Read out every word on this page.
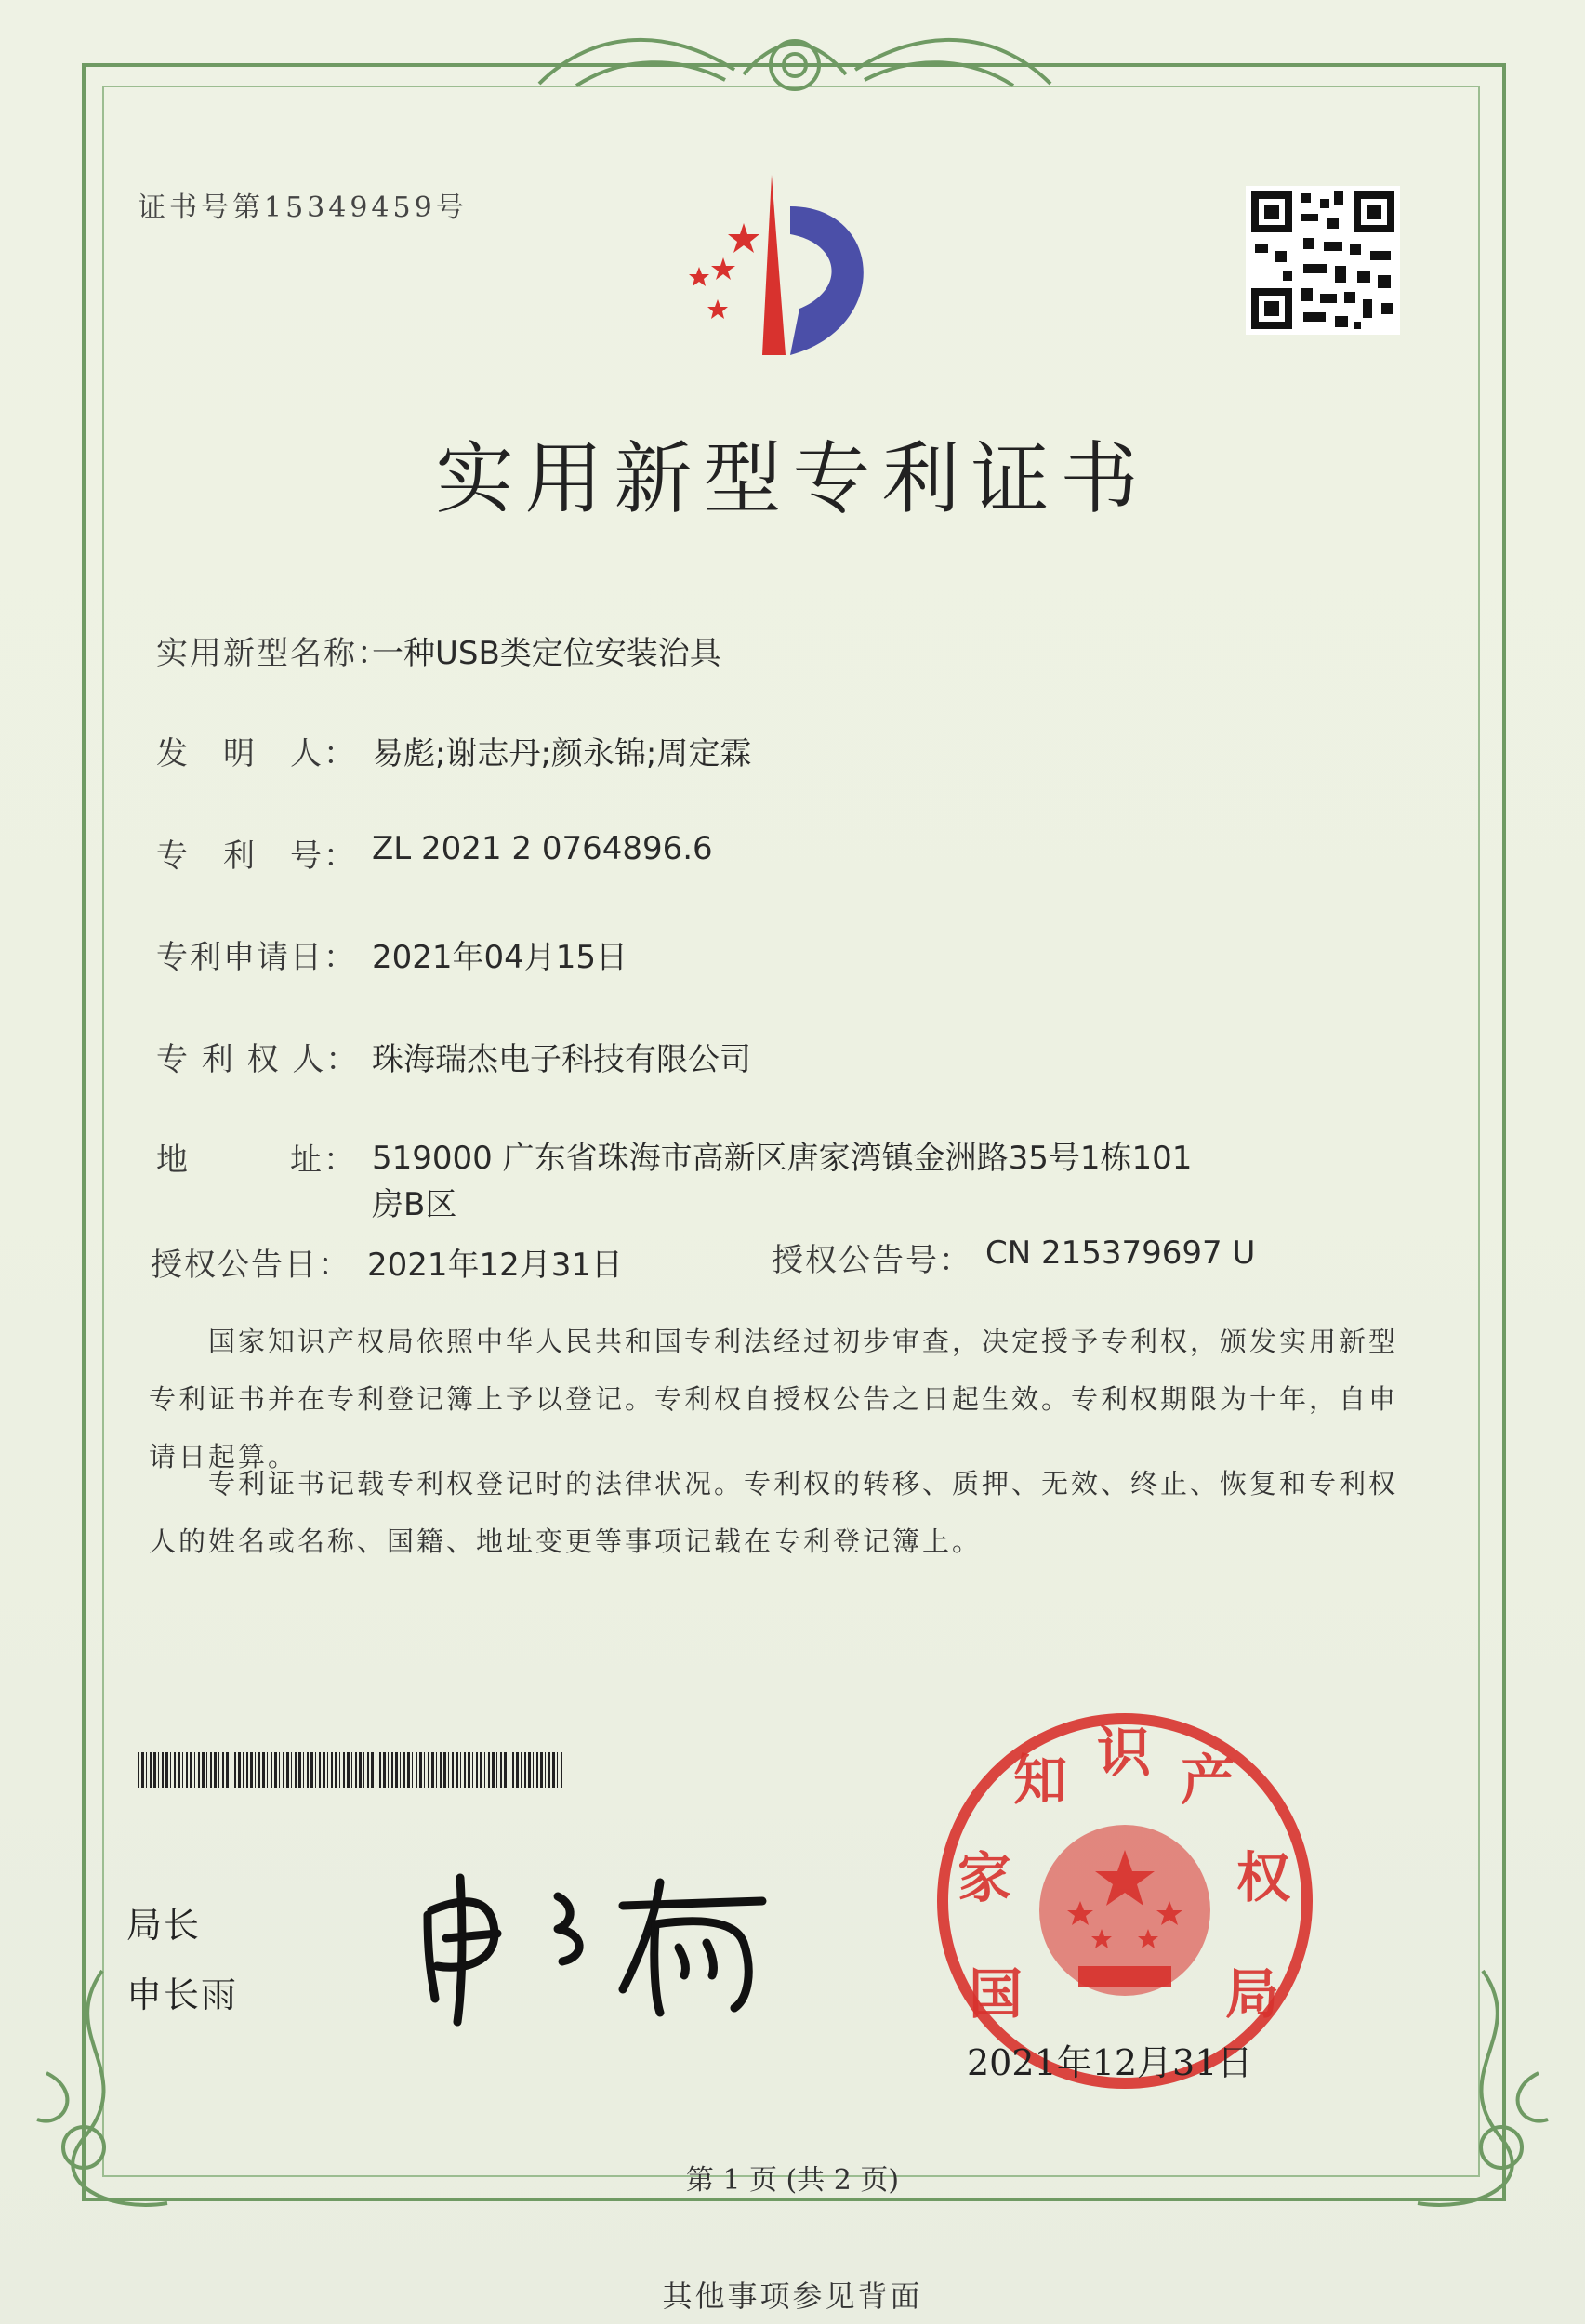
证书号第15349459号
实用新型专利证书
实用新型名称：
一种USB类定位安装治具
发　明　人： 易彪;谢志丹;颜永锦;周定霖
专　利　号： ZL 2021 2 0764896.6
专利申请日： 2021年04月15日
专 利 权 人： 珠海瑞杰电子科技有限公司
地　　　址： 519000 广东省珠海市高新区唐家湾镇金洲路35号1栋101
房B区
授权公告日： 2021年12月31日	授权公告号： CN 215379697 U
国家知识产权局依照中华人民共和国专利法经过初步审查，决定授予专利权，颁发实用新型专利证书并在专利登记簿上予以登记。专利权自授权公告之日起生效。专利权期限为十年，自申请日起算。
专利证书记载专利权登记时的法律状况。专利权的转移、质押、无效、终止、恢复和专利权人的姓名或名称、国籍、地址变更等事项记载在专利登记簿上。
局长
申长雨	国 家 知 识 产 权 局
2021年12月31日
第 1 页 (共 2 页)
其他事项参见背面
